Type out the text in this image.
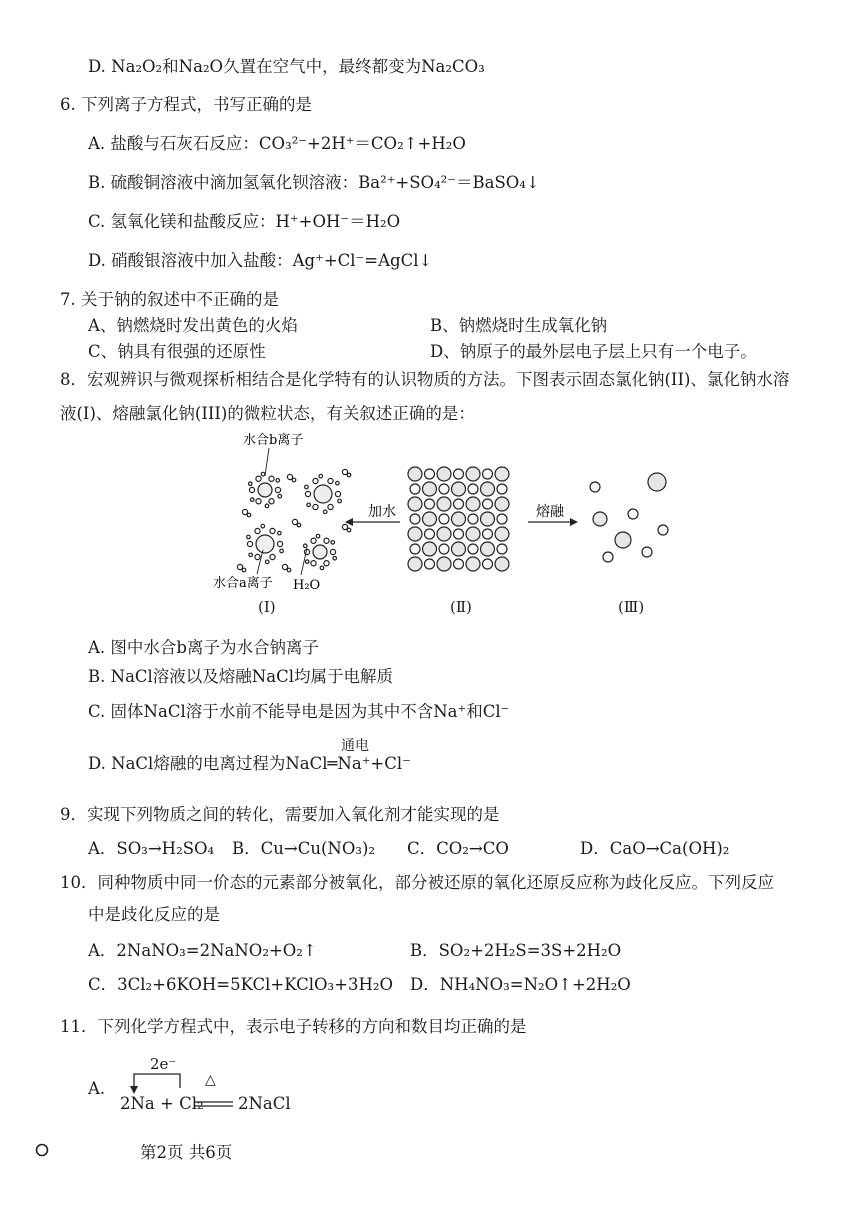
D. Na₂O₂和Na₂O久置在空气中，最终都变为Na₂CO₃
6. 下列离子方程式，书写正确的是
A. 盐酸与石灰石反应：CO₃²⁻+2H⁺＝CO₂↑+H₂O
B. 硫酸铜溶液中滴加氢氧化钡溶液：Ba²⁺+SO₄²⁻＝BaSO₄↓
C. 氢氧化镁和盐酸反应：H⁺+OH⁻＝H₂O
D. 硝酸银溶液中加入盐酸：Ag⁺+Cl⁻=AgCl↓
7. 关于钠的叙述中不正确的是
A、钠燃烧时发出黄色的火焰	B、钠燃烧时生成氧化钠
C、钠具有很强的还原性	D、钠原子的最外层电子层上只有一个电子。
8．宏观辨识与微观探析相结合是化学特有的认识物质的方法。下图表示固态氯化钠(II)、氯化钠水溶
液(I)、熔融氯化钠(III)的微粒状态，有关叙述正确的是：
加水	熔融
水合b离子
水合a离子 H₂O
(Ⅰ)	(Ⅱ)	(Ⅲ)
A. 图中水合b离子为水合钠离子
B. NaCl溶液以及熔融NaCl均属于电解质
C. 固体NaCl溶于水前不能导电是因为其中不含Na⁺和Cl⁻
通电
D. NaCl熔融的电离过程为NaCl═Na⁺+Cl⁻
9．实现下列物质之间的转化，需要加入氧化剂才能实现的是
A．SO₃→H₂SO₄ B．Cu→Cu(NO₃)₂ C．CO₂→CO	D．CaO→Ca(OH)₂
10．同种物质中同一价态的元素部分被氧化，部分被还原的氧化还原反应称为歧化反应。下列反应
中是歧化反应的是
A．2NaNO₃=2NaNO₂+O₂↑	B．SO₂+2H₂S=3S+2H₂O
C．3Cl₂+6KOH=5KCl+KClO₃+3H₂O D．NH₄NO₃=N₂O↑+2H₂O
11．下列化学方程式中，表示电子转移的方向和数目均正确的是
A.
2e⁻
2Na + Cl₂
△
2NaCl
第2页 共6页
